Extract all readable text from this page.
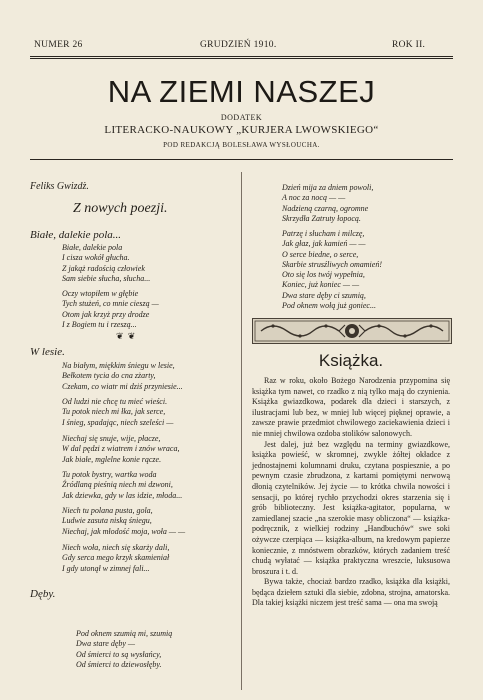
NUMER 26	GRUDZIEŃ 1910.	ROK II.
NA ZIEMI NASZEJ
DODATEK
LITERACKO-NAUKOWY „KURJERA LWOWSKIEGO“
POD REDAKCJĄ BOLESŁAWA WYSŁOUCHA.
Feliks Gwizdż.
Z nowych poezji.
Białe, dalekie pola...
Białe, dalekie pola
I cisza wokół głucha.
Z jakąż radością człowiek
Sam siebie słucha, słucha...
Oczy wtopiłem w głębie
Tych stużeń, co mnie cieszą —
Otom jak krzyż przy drodze
I z Bogiem tu i rzeszą...
❦ ❦
W lesie.
Na białym, miękkim śniegu w lesie,
Bełkotem tycia do cna zżarty,
Czekam, co wiatr mi dziś przyniesie...
Od ludzi nie chcę tu mieć wieści.
Tu potok niech mi łka, jak serce,
I śnieg, spadając, niech szeleści —
Niechaj się snuje, wije, płacze,
W dal pędzi z wiatrem i znów wraca,
Jak białe, mglelne konie rącze.
Tu potok bystry, wartka woda
Źródlaną pieśnią niech mi dzwoni,
Jak dziewka, gdy w las idzie, młoda...
Niech tu polana pusta, gola,
Ludwie zasuta niską śniegu,
Niechaj, jak młodość moja, woła — —
Niech woła, niech się skarży dali,
Gdy serca mego krzyk skamieniał
I gdy utonął w zimnej fali...
Dęby.
Pod oknem szumią mi, szumią
Dwa stare dęby —
Od śmierci to są wysłańcy,
Od śmierci to dziewosłęby.
Dzień mija za dniem powoli,
A noc za nocą — —
Nadzieną czarną, ogromne
Skrzydła Zatruty łopocą.
Patrzę i słucham i milczę,
Jak głaz, jak kamień — —
O serce biedne, o serce,
Skarbie strusźliwych omamień!
Oto się los twój wypełnia,
Koniec, już koniec — —
Dwa stare dęby ci szumią,
Pod oknem wołą już goniec...
Książka.

Raz w roku, około Bożego Narodzenia przypomina się książka tym nawet, co rzadko z nią tylko mają do czynienia. Książka gwiazdkowa, podarek dla dzieci i starszych, z ilustracjami lub bez, w mniej lub więcej pięknej oprawie, a zawsze prawie przedmiot chwilowego zaciekawienia dzieci i nie mniej chwilowa ozdoba stolików salonowych.

Jest dalej, już bez względu na terminy gwiazdkowe, książka powieść, w skromnej, zwykle żółtej okładce z jednostajnemi kolumnami druku, czytana pospiesznie, a po pewnym czasie zbrudzona, z kartami pomiętymi nerwową dłonią czytelników. Jej życie — to krótka chwila nowości i sensacji, po której rychło przychodzi okres starzenia się i grób biblioteczny. Jest książka-agitator, popularna, w zamiedlanej szacie „na szerokie masy obliczona“ — książka-podręcznik, z wielkiej rodziny „Handbuchów“ swe soki ożywcze czerpiąca — książka-album, na kredowym papierze koniecznie, z mnóstwem obrazków, których zadaniem treść chudą wyłatać — książka praktyczna wreszcie, luksusowa broszura i t. d.

Bywa także, chociaż bardzo rzadko, książka dla książki, będąca dziełem sztuki dla siebie, zdobna, strojna, amatorska. Dla takiej książki niczem jest treść sama — ona ma swoją
